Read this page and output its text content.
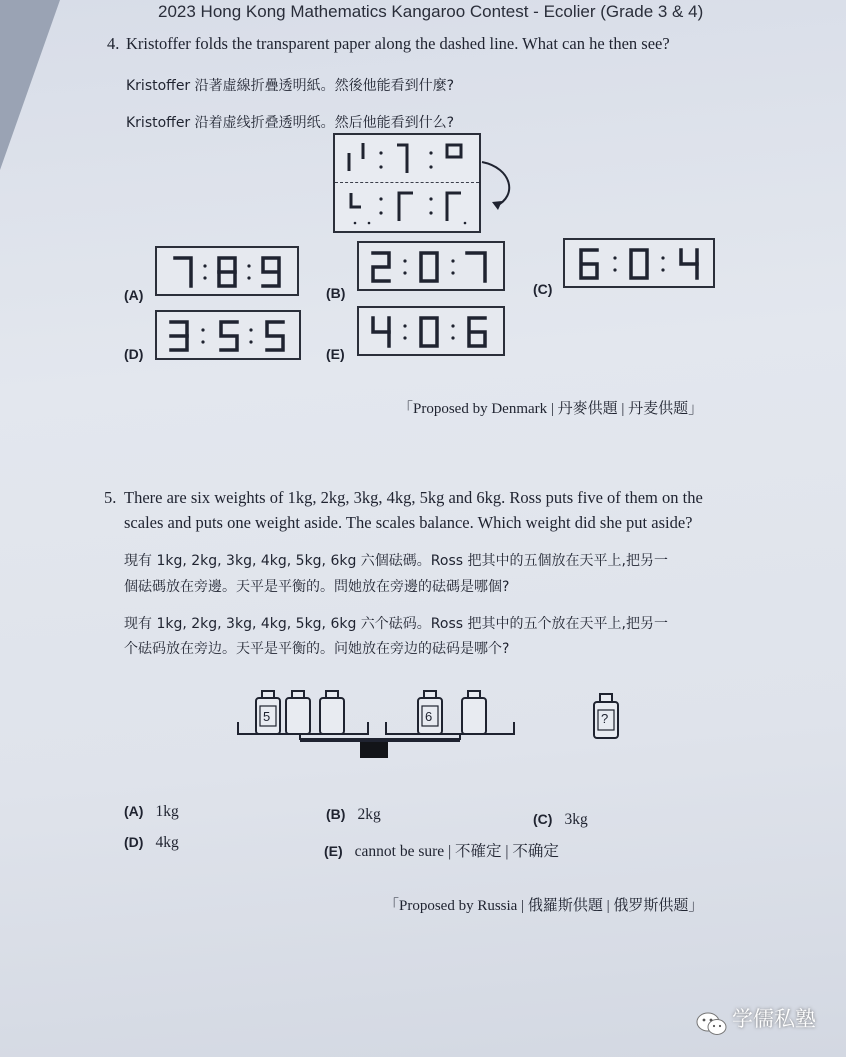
2023 Hong Kong Mathematics Kangaroo Contest - Ecolier (Grade 3 & 4)
4. Kristoffer folds the transparent paper along the dashed line. What can he then see?
Kristoffer 沿著虛線折疊透明紙。然後他能看到什麼?
Kristoffer 沿着虚线折叠透明纸。然后他能看到什么?
(A)	(B)	(C)
(D)	(E)
「Proposed by Denmark | 丹麥供題 | 丹麦供题」
5. There are six weights of 1kg, 2kg, 3kg, 4kg, 5kg and 6kg. Ross puts five of them on the
scales and puts one weight aside. The scales balance. Which weight did she put aside?
現有 1kg, 2kg, 3kg, 4kg, 5kg, 6kg 六個砝碼。Ross 把其中的五個放在天平上,把另一
個砝碼放在旁邊。天平是平衡的。問她放在旁邊的砝碼是哪個?
现有 1kg, 2kg, 3kg, 4kg, 5kg, 6kg 六个砝码。Ross 把其中的五个放在天平上,把另一
个砝码放在旁边。天平是平衡的。问她放在旁边的砝码是哪个?
5	6	?
(A) 1kg	(B) 2kg	(C) 3kg
(D) 4kg	(E) cannot be sure | 不確定 | 不确定
「Proposed by Russia | 俄羅斯供題 | 俄罗斯供题」
学儒私塾
